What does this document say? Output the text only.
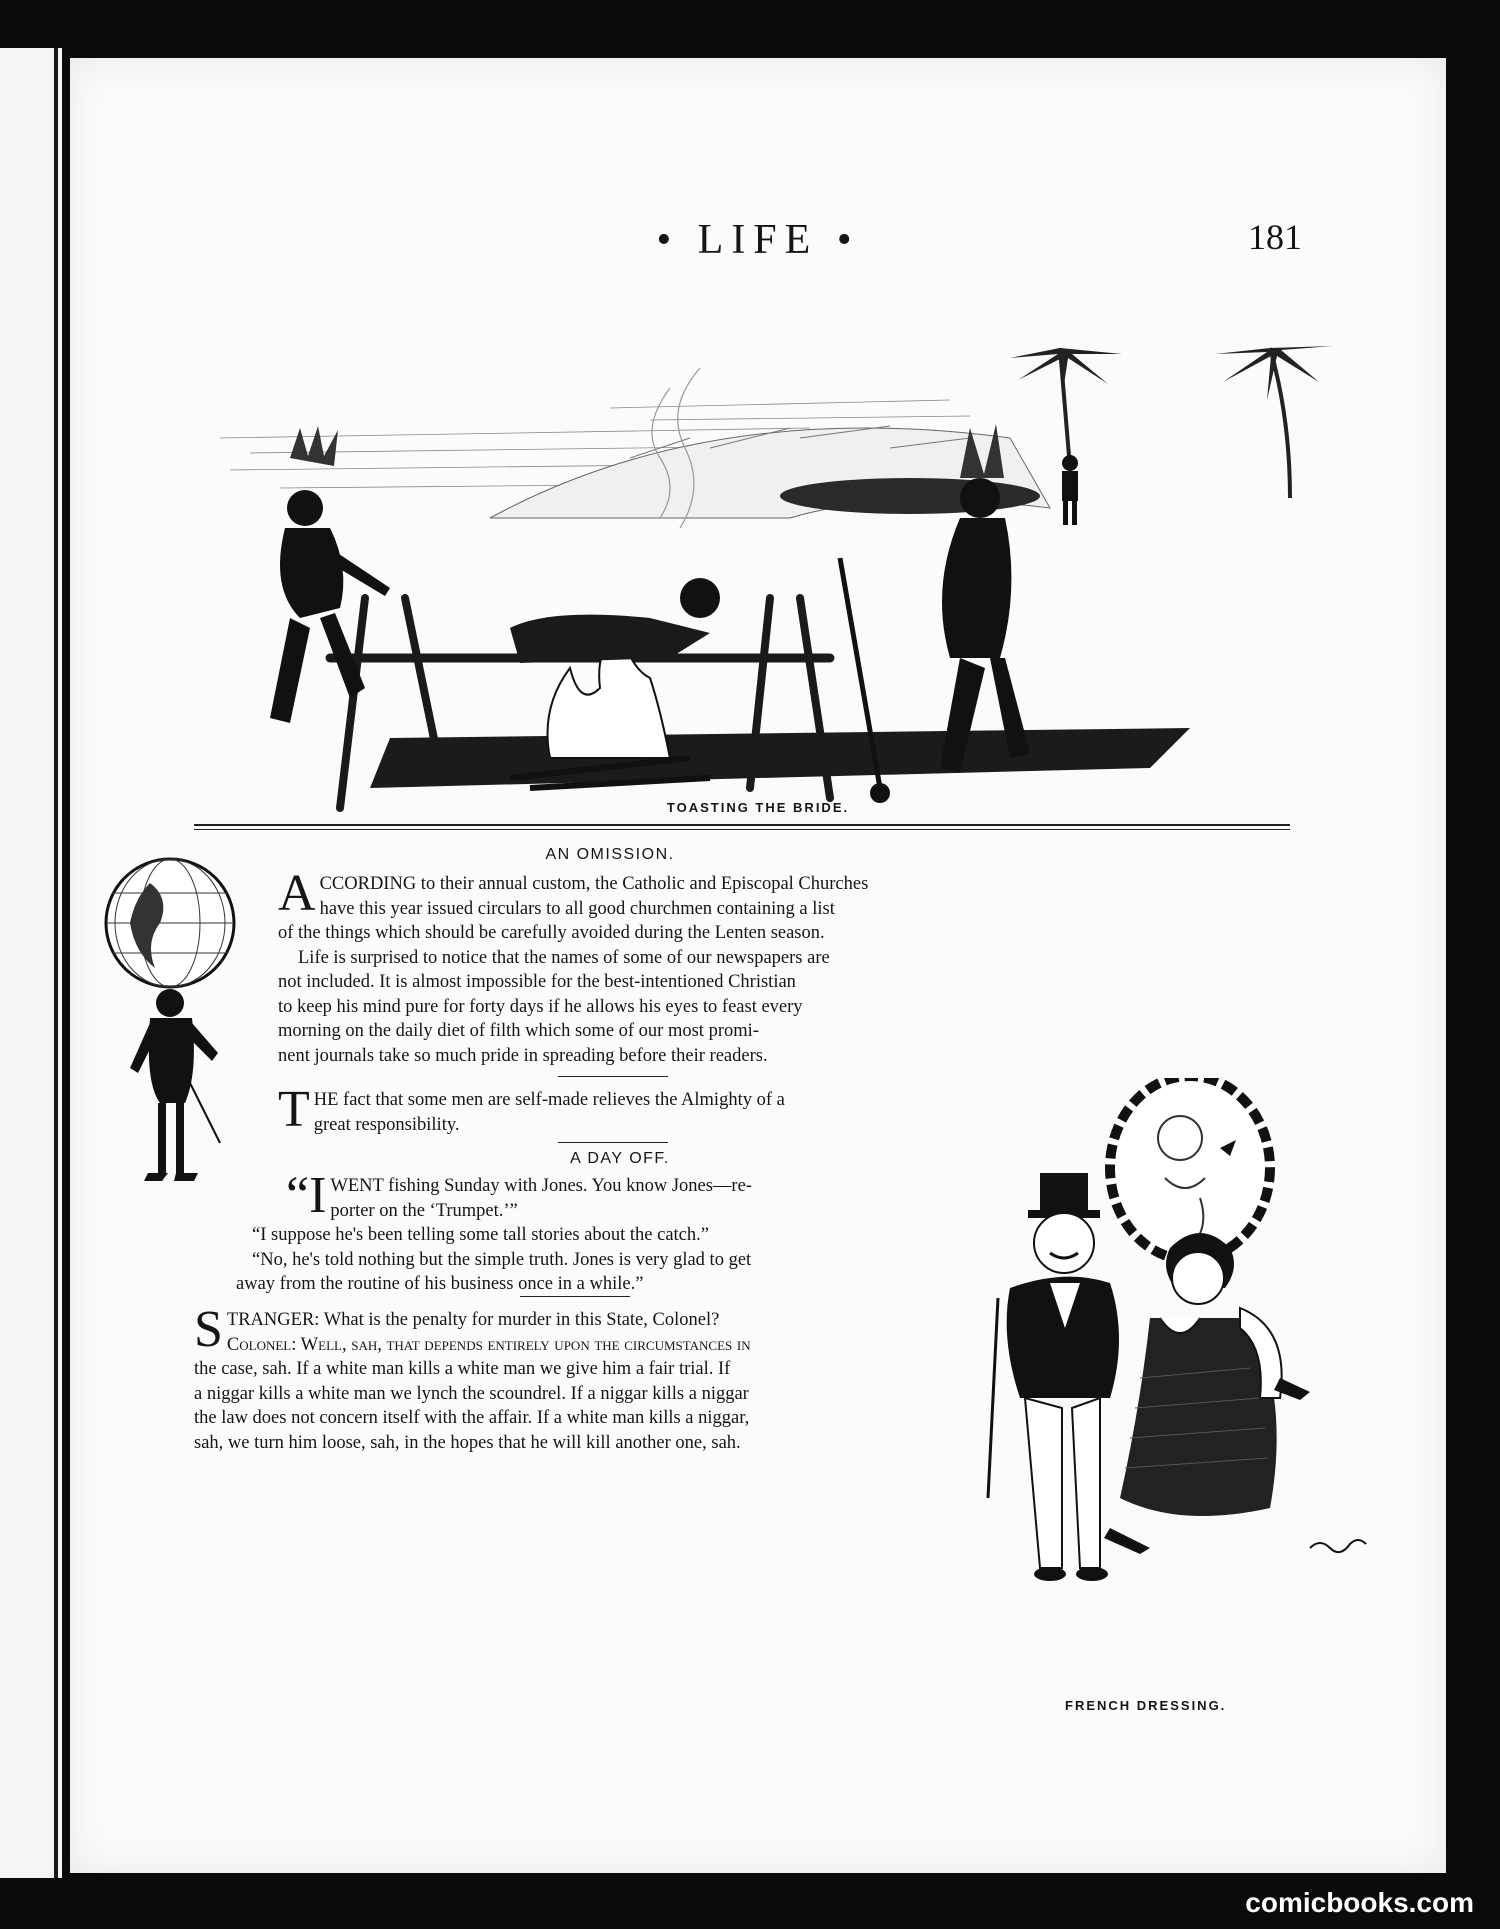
• LIFE •	181
TOASTING THE BRIDE.
AN OMISSION.
A CCORDING to their annual custom, the Catholic and Episcopal Churches
have this year issued circulars to all good churchmen containing a list
of the things which should be carefully avoided during the Lenten season.
Life is surprised to notice that the names of some of our newspapers are
not included. It is almost impossible for the best-intentioned Christian
to keep his mind pure for forty days if he allows his eyes to feast every
morning on the daily diet of filth which some of our most promi-
nent journals take so much pride in spreading before their readers.
T HE fact that some men are self-made relieves the Almighty of a
great responsibility.
A DAY OFF.
“I WENT fishing Sunday with Jones. You know Jones—re-
porter on the ‘Trumpet.’”
“I suppose he's been telling some tall stories about the catch.”
“No, he's told nothing but the simple truth. Jones is very glad to get
away from the routine of his business once in a while.”
S TRANGER: What is the penalty for murder in this State, Colonel?
Colonel: Well, sah, that depends entirely upon the circumstances in
the case, sah. If a white man kills a white man we give him a fair trial. If
a niggar kills a white man we lynch the scoundrel. If a niggar kills a niggar
the law does not concern itself with the affair. If a white man kills a niggar,
sah, we turn him loose, sah, in the hopes that he will kill another one, sah.
FRENCH DRESSING.
comicbooks.com
